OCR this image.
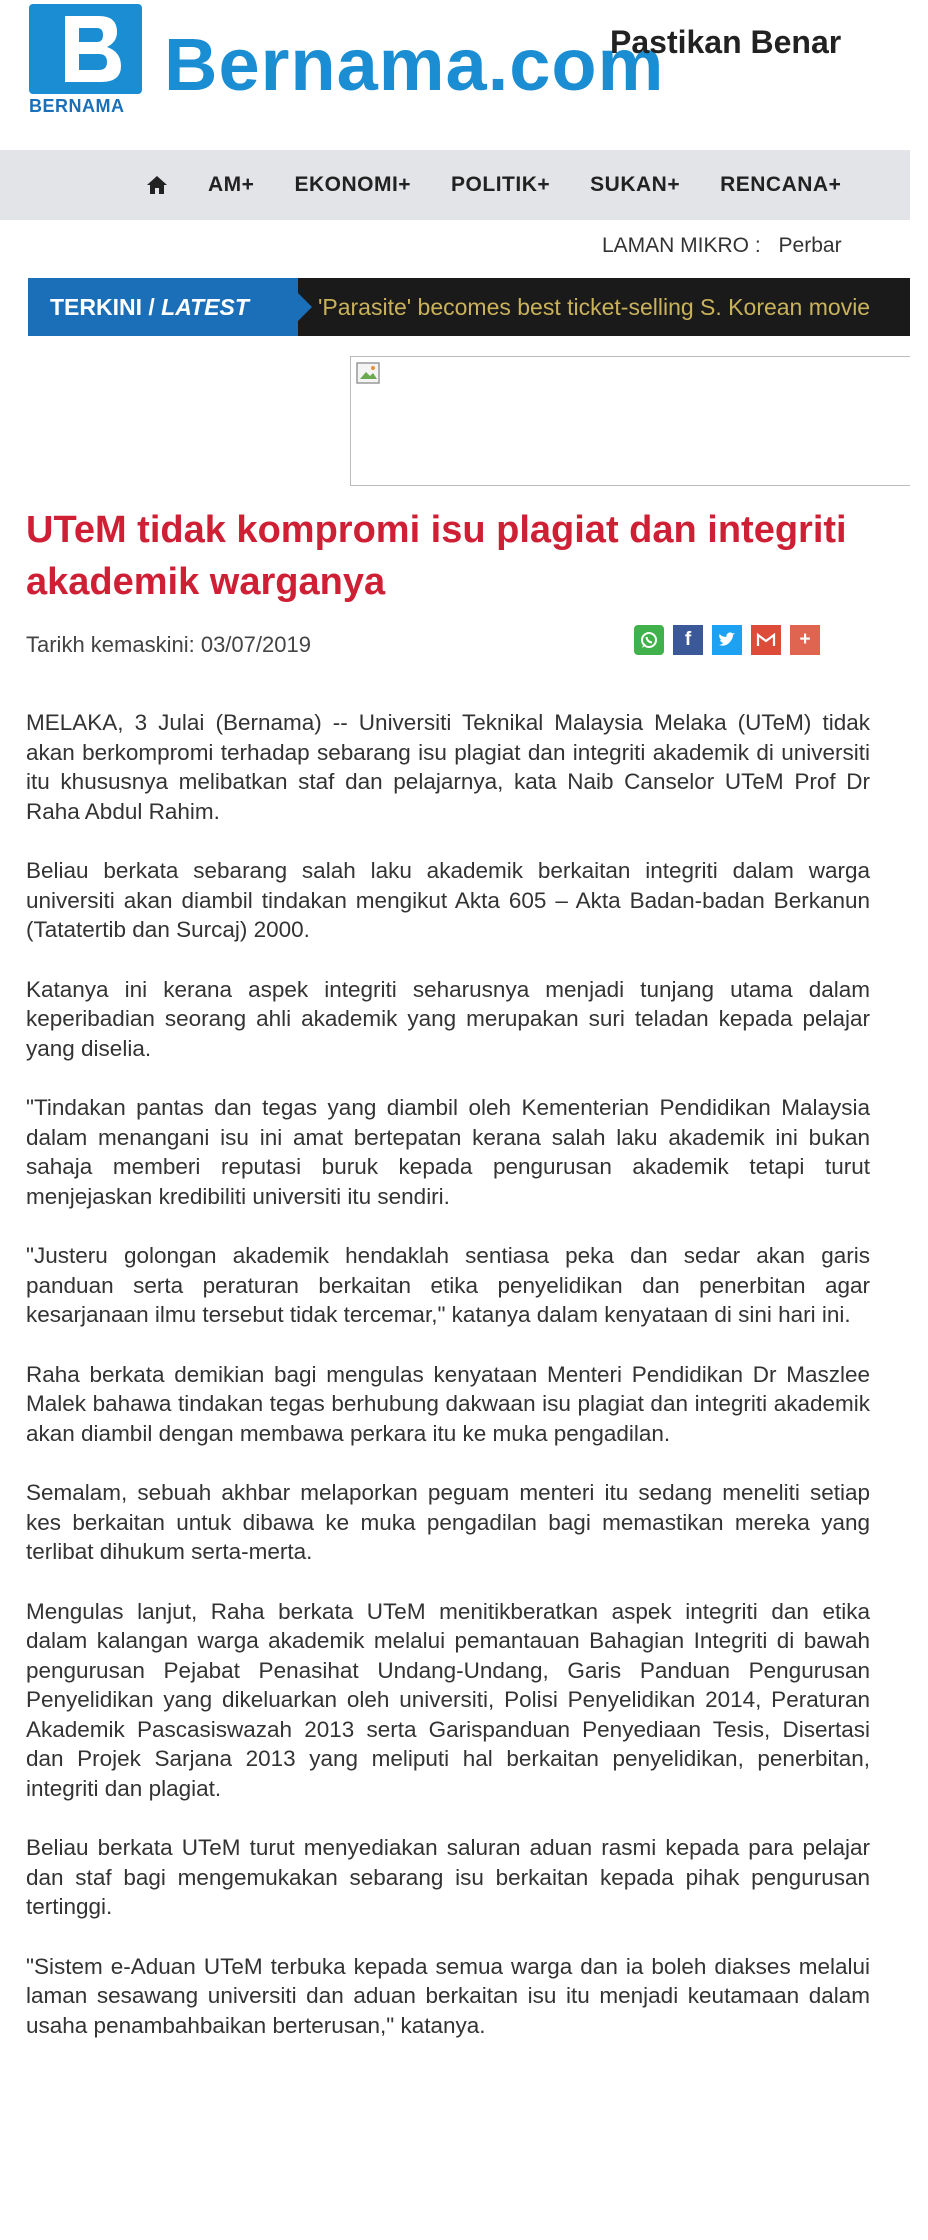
BERNAMA Bernama.com
Pastikan Benar
AM+ EKONOMI+ POLITIK+ SUKAN+ RENCANA+
LAMAN MIKRO : Perbar
TERKINI / LATEST	'Parasite' becomes best ticket-selling S. Korean movie
UTeM tidak kompromi isu plagiat dan integriti akademik warganya
Tarikh kemaskini: 03/07/2019	f	+

MELAKA, 3 Julai (Bernama) -- Universiti Teknikal Malaysia Melaka (UTeM) tidak akan berkompromi terhadap sebarang isu plagiat dan integriti akademik di universiti itu khususnya melibatkan staf dan pelajarnya, kata Naib Canselor UTeM Prof Dr Raha Abdul Rahim.

Beliau berkata sebarang salah laku akademik berkaitan integriti dalam warga universiti akan diambil tindakan mengikut Akta 605 – Akta Badan-badan Berkanun (Tatatertib dan Surcaj) 2000.

Katanya ini kerana aspek integriti seharusnya menjadi tunjang utama dalam keperibadian seorang ahli akademik yang merupakan suri teladan kepada pelajar yang diselia.

"Tindakan pantas dan tegas yang diambil oleh Kementerian Pendidikan Malaysia dalam menangani isu ini amat bertepatan kerana salah laku akademik ini bukan sahaja memberi reputasi buruk kepada pengurusan akademik tetapi turut menjejaskan kredibiliti universiti itu sendiri.

"Justeru golongan akademik hendaklah sentiasa peka dan sedar akan garis panduan serta peraturan berkaitan etika penyelidikan dan penerbitan agar kesarjanaan ilmu tersebut tidak tercemar," katanya dalam kenyataan di sini hari ini.

Raha berkata demikian bagi mengulas kenyataan Menteri Pendidikan Dr Maszlee Malek bahawa tindakan tegas berhubung dakwaan isu plagiat dan integriti akademik akan diambil dengan membawa perkara itu ke muka pengadilan.

Semalam, sebuah akhbar melaporkan peguam menteri itu sedang meneliti setiap kes berkaitan untuk dibawa ke muka pengadilan bagi memastikan mereka yang terlibat dihukum serta-merta.

Mengulas lanjut, Raha berkata UTeM menitikberatkan aspek integriti dan etika dalam kalangan warga akademik melalui pemantauan Bahagian Integriti di bawah pengurusan Pejabat Penasihat Undang-Undang, Garis Panduan Pengurusan Penyelidikan yang dikeluarkan oleh universiti, Polisi Penyelidikan 2014, Peraturan Akademik Pascasiswazah 2013 serta Garispanduan Penyediaan Tesis, Disertasi dan Projek Sarjana 2013 yang meliputi hal berkaitan penyelidikan, penerbitan, integriti dan plagiat.

Beliau berkata UTeM turut menyediakan saluran aduan rasmi kepada para pelajar dan staf bagi mengemukakan sebarang isu berkaitan kepada pihak pengurusan tertinggi.

"Sistem e-Aduan UTeM terbuka kepada semua warga dan ia boleh diakses melalui laman sesawang universiti dan aduan berkaitan isu itu menjadi keutamaan dalam usaha penambahbaikan berterusan," katanya.
